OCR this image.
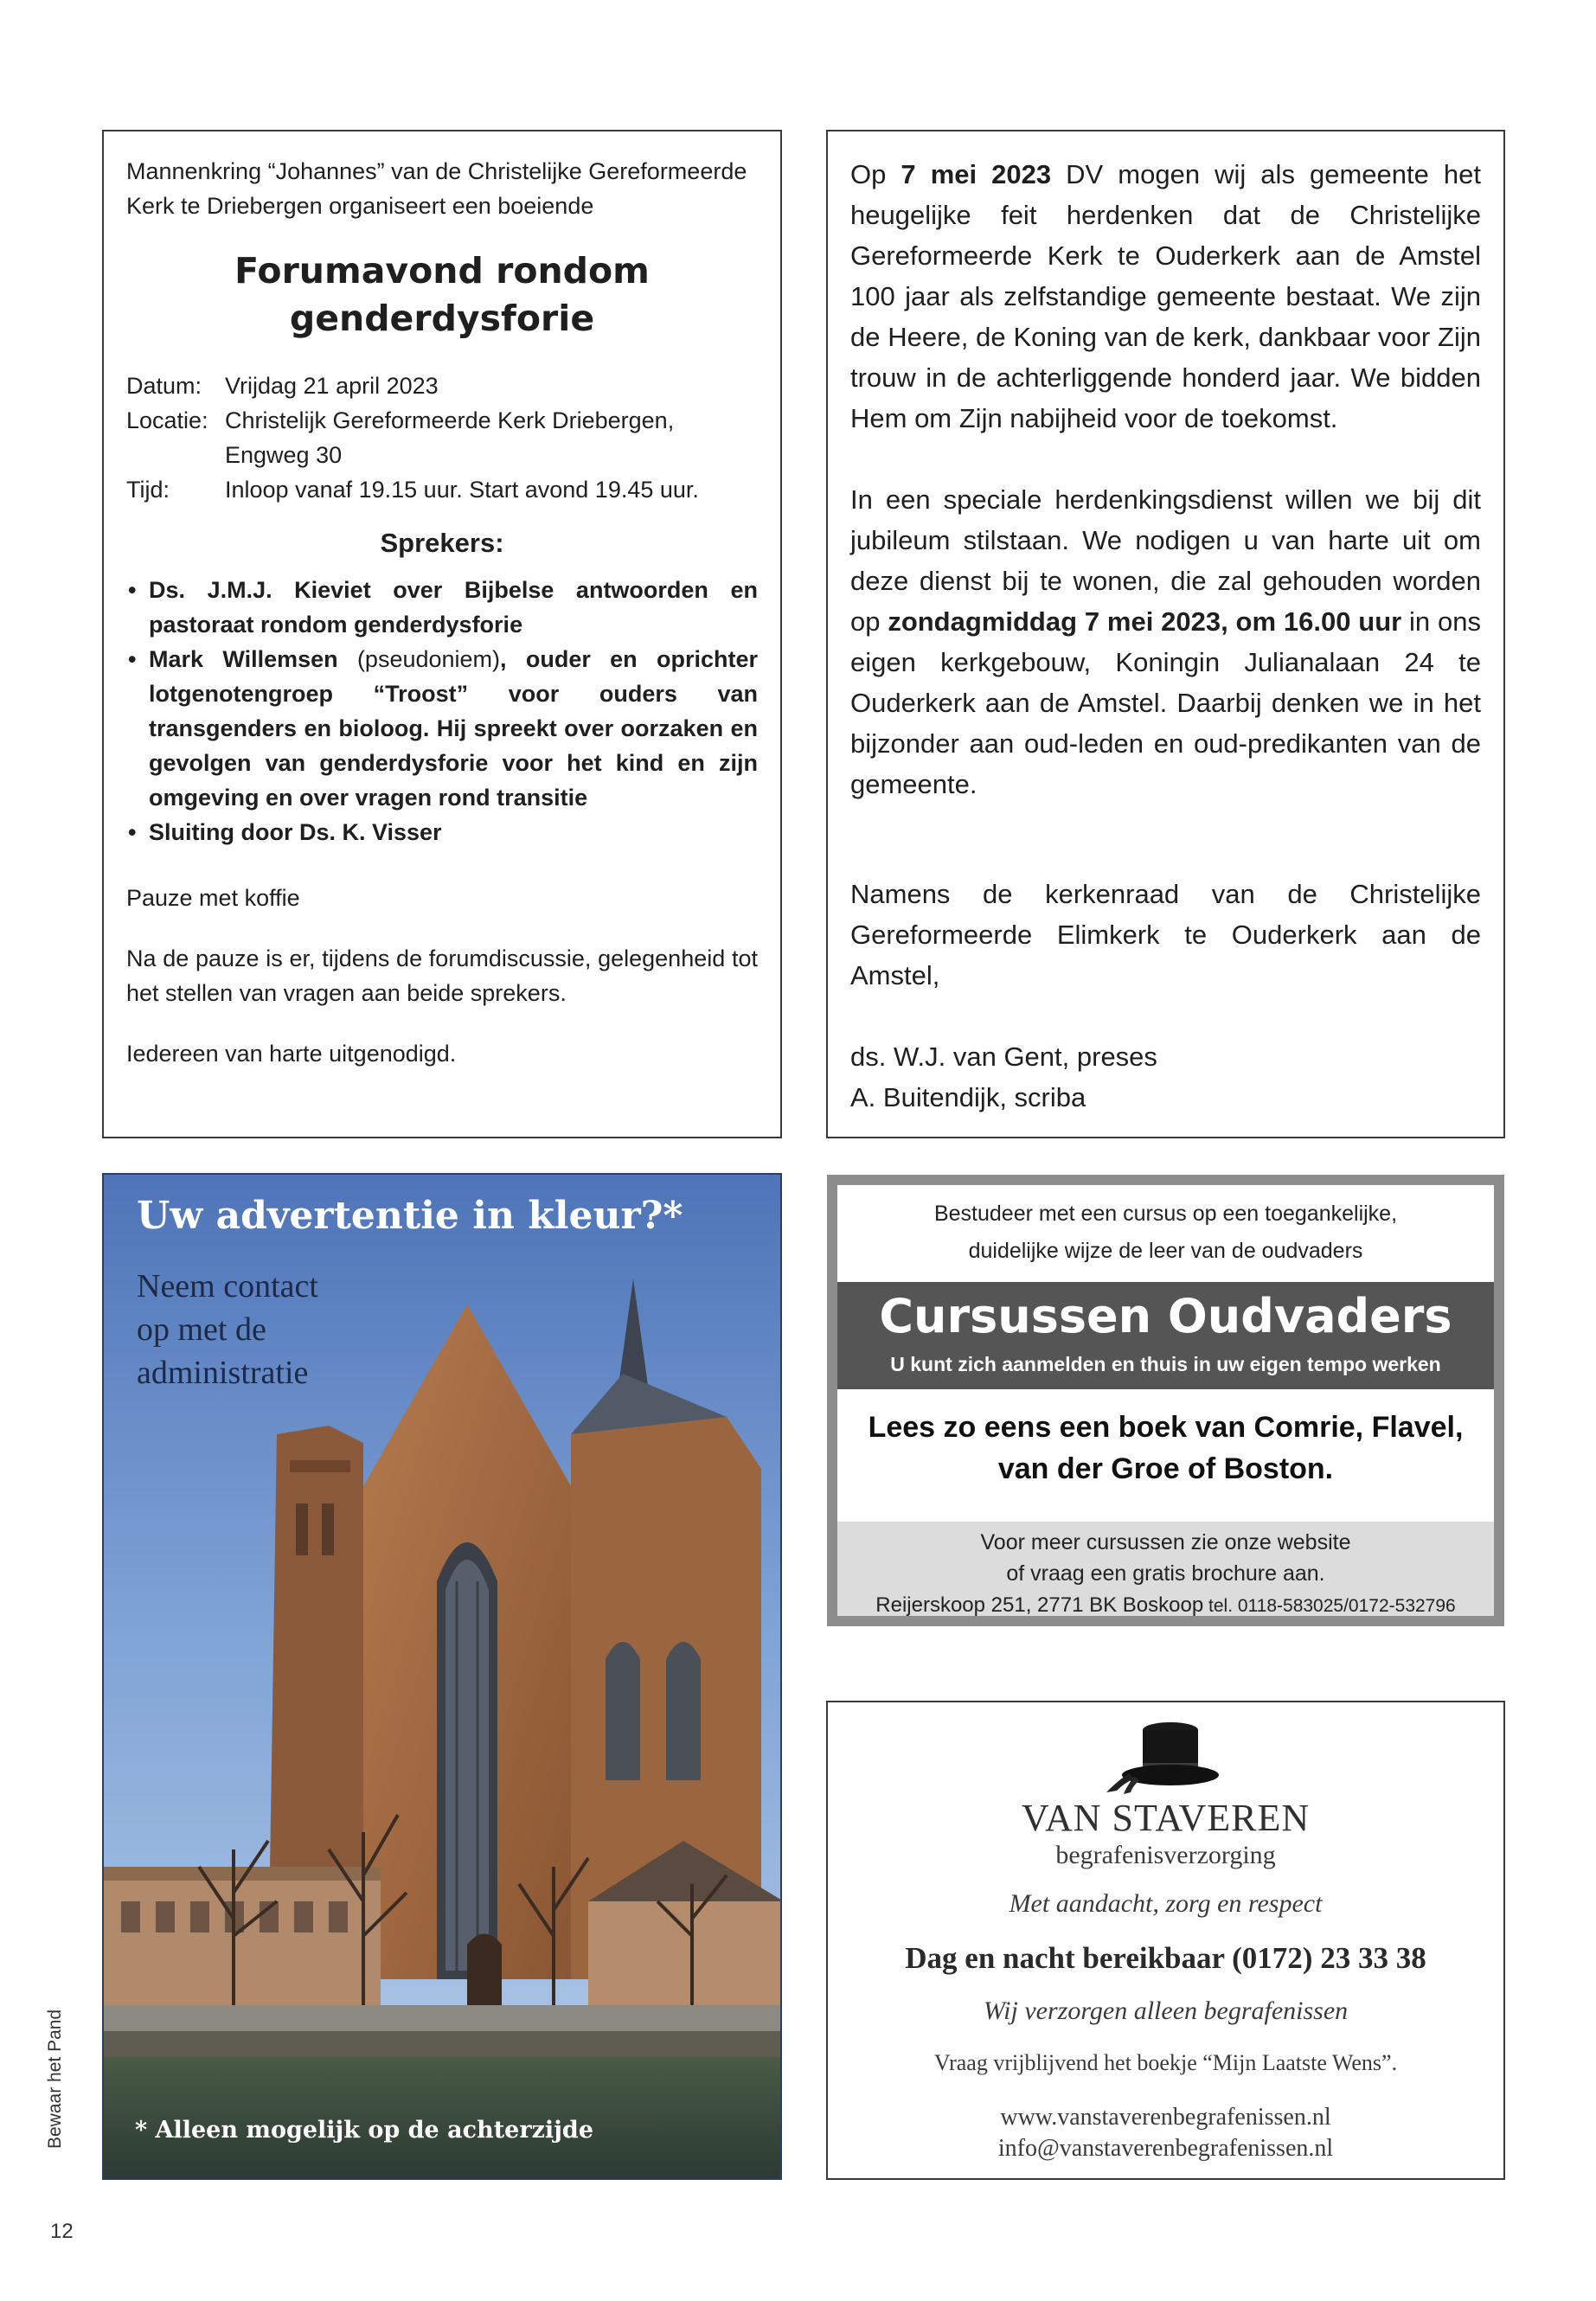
Mannenkring “Johannes” van de Christelijke Gereformeerde Kerk te Driebergen organiseert een boeiende
Forumavond rondom
genderdysforie
Datum:	Vrijdag 21 april 2023
Locatie:	Christelijk Gereformeerde Kerk Driebergen, Engweg 30
Tijd:	Inloop vanaf 19.15 uur. Start avond 19.45 uur.
Sprekers:
• Ds. J.M.J. Kieviet over Bijbelse antwoorden en pastoraat rondom genderdysforie
• Mark Willemsen (pseudoniem), ouder en oprichter lotgenotengroep “Troost” voor ouders van transgenders en bioloog. Hij spreekt over oorzaken en gevolgen van genderdysforie voor het kind en zijn omgeving en over vragen rond transitie
• Sluiting door Ds. K. Visser
Pauze met koffie
Na de pauze is er, tijdens de forumdiscussie, gelegenheid tot het stellen van vragen aan beide sprekers.
Iedereen van harte uitgenodigd.
Op 7 mei 2023 DV mogen wij als gemeente het heugelijke feit herdenken dat de Christelijke Gereformeerde Kerk te Ouderkerk aan de Amstel 100 jaar als zelfstandige gemeente bestaat. We zijn de Heere, de Koning van de kerk, dankbaar voor Zijn trouw in de achterliggende honderd jaar. We bidden Hem om Zijn nabijheid voor de toekomst.
In een speciale herdenkingsdienst willen we bij dit jubileum stilstaan. We nodigen u van harte uit om deze dienst bij te wonen, die zal gehouden worden op zondagmiddag 7 mei 2023, om 16.00 uur in ons eigen kerkgebouw, Koningin Julianalaan 24 te Ouderkerk aan de Amstel. Daarbij denken we in het bijzonder aan oud-leden en oud-predikanten van de gemeente.
Namens de kerkenraad van de Christelijke Gereformeerde Elimkerk te Ouderkerk aan de Amstel,
ds. W.J. van Gent, preses
A. Buitendijk, scriba
Uw advertentie in kleur?*
Neem contact
op met de
administratie
* Alleen mogelijk op de achterzijde
Bestudeer met een cursus op een toegankelijke,
duidelijke wijze de leer van de oudvaders
Cursussen Oudvaders
U kunt zich aanmelden en thuis in uw eigen tempo werken
Lees zo eens een boek van Comrie, Flavel,
van der Groe of Boston.
Voor meer cursussen zie onze website
of vraag een gratis brochure aan.
Reijerskoop 251, 2771 BK Boskoop tel. 0118-583025/0172-532796
VAN STAVEREN
begrafenisverzorging
Met aandacht, zorg en respect
Dag en nacht bereikbaar (0172) 23 33 38
Wij verzorgen alleen begrafenissen
Vraag vrijblijvend het boekje “Mijn Laatste Wens”.
www.vanstaverenbegrafenissen.nl
info@vanstaverenbegrafenissen.nl
Bewaar het Pand
12
